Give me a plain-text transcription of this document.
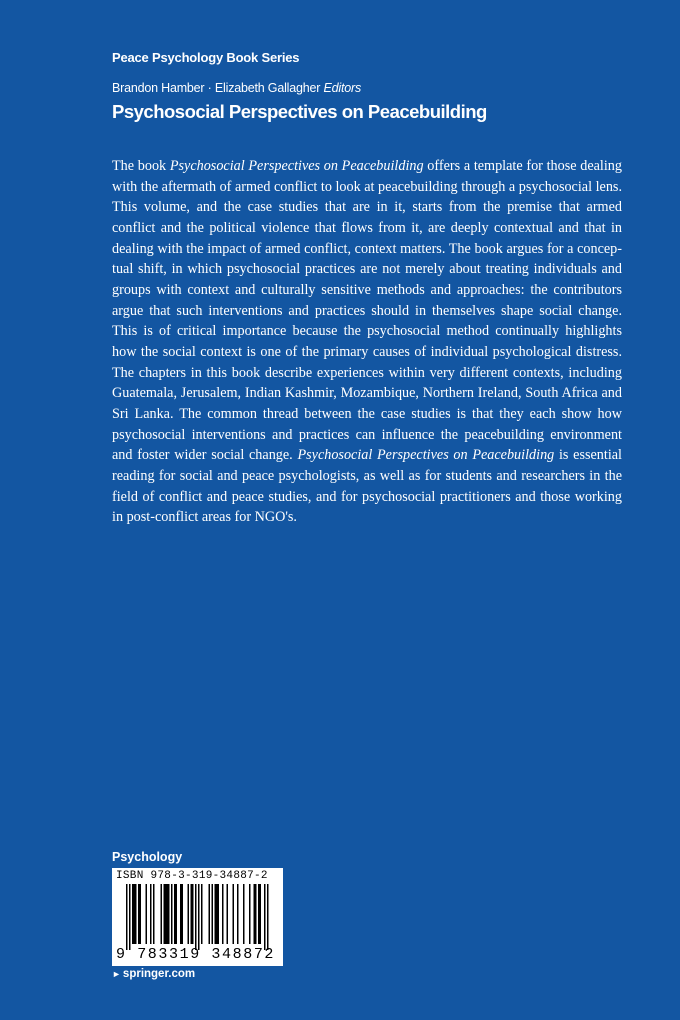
Peace Psychology Book Series
Brandon Hamber · Elizabeth Gallagher Editors
Psychosocial Perspectives on Peacebuilding

The book Psychosocial Perspectives on Peacebuilding offers a template for those dealing with the aftermath of armed conflict to look at peacebuilding through a psychosocial lens. This volume, and the case studies that are in it, starts from the premise that armed conflict and the political violence that flows from it, are deeply contextual and that in dealing with the impact of armed conflict, context matters. The book argues for a conceptual shift, in which psychosocial practices are not merely about treating individuals and groups with context and culturally sensitive methods and approaches: the contributors argue that such interventions and practices should in themselves shape social change. This is of critical importance because the psychosocial method continually highlights how the social context is one of the primary causes of individual psychological distress. The chapters in this book describe experiences within very different contexts, including Guatemala, Jerusalem, Indian Kashmir, Mozambique, Northern Ireland, South Africa and Sri Lanka. The common thread between the case studies is that they each show how psychosocial interventions and practices can influence the peacebuilding environment and foster wider social change. Psychosocial Perspectives on Peacebuilding is essential reading for social and peace psychologists, as well as for students and researchers in the field of conflict and peace studies, and for psychosocial practitioners and those working in post-conflict areas for NGO's.

Psychology
ISBN 978-3-319-34887-2
9 783319 348872
► springer.com
